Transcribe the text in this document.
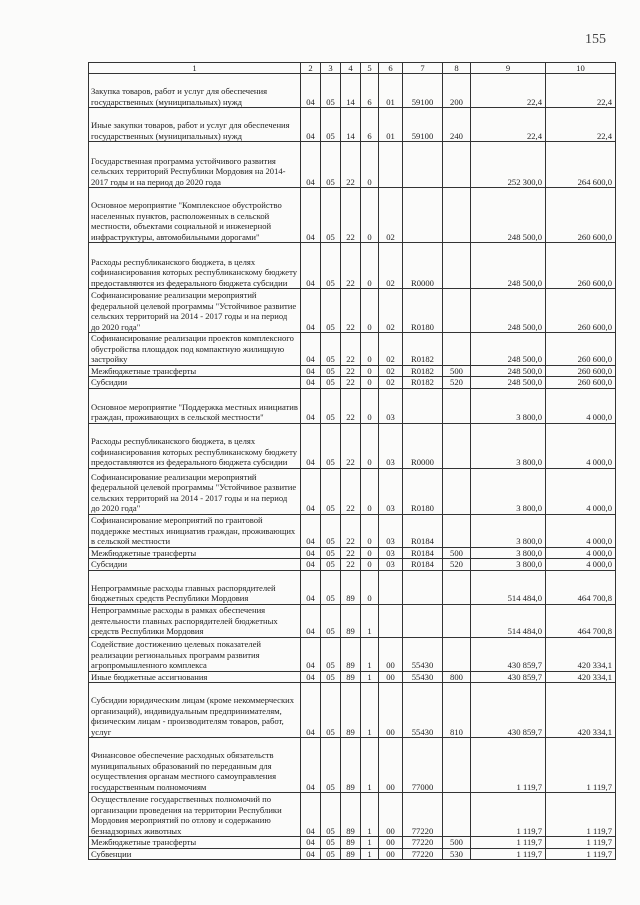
155
1	2	3	4	5	6	7	8	9	10
Закупка товаров, работ и услуг для обеспечения государственных (муниципальных) нужд	04	05	14	6	01	59100	200	22,4	22,4
Иные закупки товаров, работ и услуг для обеспечения государственных (муниципальных) нужд	04	05	14	6	01	59100	240	22,4	22,4
Государственная программа устойчивого развития сельских территорий Республики Мордовия на 2014-2017 годы и на период до 2020 года	04	05	22	0				252 300,0	264 600,0
Основное мероприятие "Комплексное обустройство населенных пунктов, расположенных в сельской местности, объектами социальной и инженерной инфраструктуры, автомобильными дорогами"	04	05	22	0	02			248 500,0	260 600,0
Расходы республиканского бюджета, в целях софинансирования которых республиканскому бюджету предоставляются из федерального бюджета субсидии	04	05	22	0	02	R0000		248 500,0	260 600,0
Софинансирование реализации мероприятий федеральной целевой программы "Устойчивое развитие сельских территорий на 2014 - 2017 годы и на период до 2020 года"	04	05	22	0	02	R0180		248 500,0	260 600,0
Софинансирование реализации проектов комплексного обустройства площадок под компактную жилищную застройку	04	05	22	0	02	R0182		248 500,0	260 600,0
Межбюджетные трансферты	04	05	22	0	02	R0182	500	248 500,0	260 600,0
Субсидии	04	05	22	0	02	R0182	520	248 500,0	260 600,0
Основное мероприятие "Поддержка местных инициатив граждан, проживающих в сельской местности"	04	05	22	0	03			3 800,0	4 000,0
Расходы республиканского бюджета, в целях софинансирования которых республиканскому бюджету предоставляются из федерального бюджета субсидии	04	05	22	0	03	R0000		3 800,0	4 000,0
Софинансирование реализации мероприятий федеральной целевой программы "Устойчивое развитие сельских территорий на 2014 - 2017 годы и на период до 2020 года"	04	05	22	0	03	R0180		3 800,0	4 000,0
Софинансирование мероприятий по грантовой поддержке местных инициатив граждан, проживающих в сельской местности	04	05	22	0	03	R0184		3 800,0	4 000,0
Межбюджетные трансферты	04	05	22	0	03	R0184	500	3 800,0	4 000,0
Субсидии	04	05	22	0	03	R0184	520	3 800,0	4 000,0
Непрограммные расходы главных распорядителей бюджетных средств Республики Мордовия	04	05	89	0				514 484,0	464 700,8
Непрограммные расходы в рамках обеспечения деятельности главных распорядителей бюджетных средств Республики Мордовия	04	05	89	1				514 484,0	464 700,8
Содействие достижению целевых показателей реализации региональных программ развития агропромышленного комплекса	04	05	89	1	00	55430		430 859,7	420 334,1
Иные бюджетные ассигнования	04	05	89	1	00	55430	800	430 859,7	420 334,1
Субсидии юридическим лицам (кроме некоммерческих организаций), индивидуальным предпринимателям, физическим лицам - производителям товаров, работ, услуг	04	05	89	1	00	55430	810	430 859,7	420 334,1
Финансовое обеспечение расходных обязательств муниципальных образований по переданным для осуществления органам местного самоуправления государственным полномочиям	04	05	89	1	00	77000		1 119,7	1 119,7
Осуществление государственных полномочий по организации проведения на территории Республики Мордовия мероприятий по отлову и содержанию безнадзорных животных	04	05	89	1	00	77220		1 119,7	1 119,7
Межбюджетные трансферты	04	05	89	1	00	77220	500	1 119,7	1 119,7
Субвенции	04	05	89	1	00	77220	530	1 119,7	1 119,7
